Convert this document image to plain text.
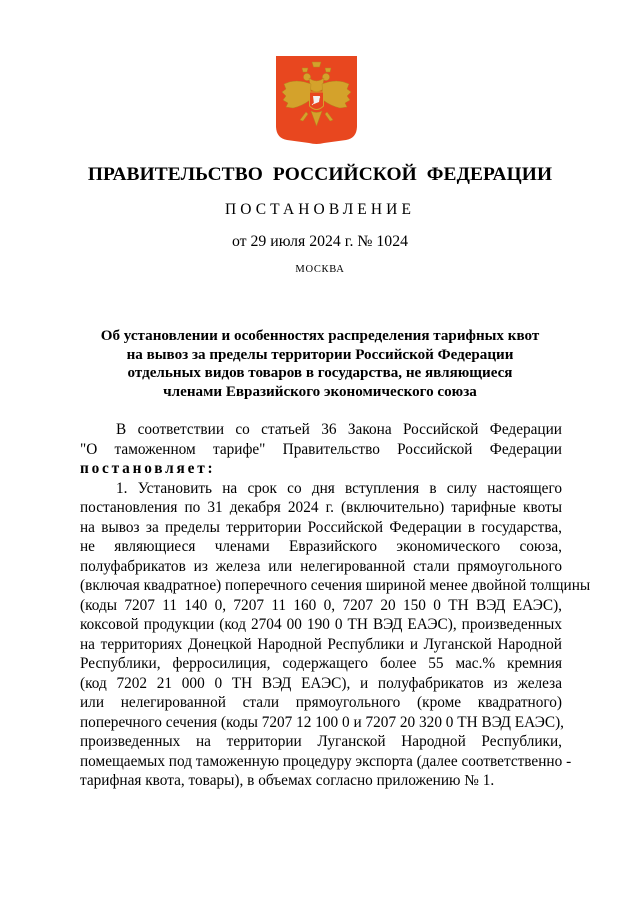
ПРАВИТЕЛЬСТВО РОССИЙСКОЙ ФЕДЕРАЦИИ
ПОСТАНОВЛЕНИЕ
от 29 июля 2024 г. № 1024
МОСКВА
Об установлении и особенностях распределения тарифных квот
на вывоз за пределы территории Российской Федерации
отдельных видов товаров в государства, не являющиеся
членами Евразийского экономического союза
В соответствии со статьей 36 Закона Российской Федерации
"О таможенном тарифе" Правительство Российской Федерации
постановляет:
1. Установить на срок со дня вступления в силу настоящего
постановления по 31 декабря 2024 г. (включительно) тарифные квоты
на вывоз за пределы территории Российской Федерации в государства,
не являющиеся членами Евразийского экономического союза,
полуфабрикатов из железа или нелегированной стали прямоугольного
(включая квадратное) поперечного сечения шириной менее двойной толщины
(коды 7207 11 140 0, 7207 11 160 0, 7207 20 150 0 ТН ВЭД ЕАЭС),
коксовой продукции (код 2704 00 190 0 ТН ВЭД ЕАЭС), произведенных
на территориях Донецкой Народной Республики и Луганской Народной
Республики, ферросилиция, содержащего более 55 мас.% кремния
(код 7202 21 000 0 ТН ВЭД ЕАЭС), и полуфабрикатов из железа
или нелегированной стали прямоугольного (кроме квадратного)
поперечного сечения (коды 7207 12 100 0 и 7207 20 320 0 ТН ВЭД ЕАЭС),
произведенных на территории Луганской Народной Республики,
помещаемых под таможенную процедуру экспорта (далее соответственно -
тарифная квота, товары), в объемах согласно приложению № 1.
